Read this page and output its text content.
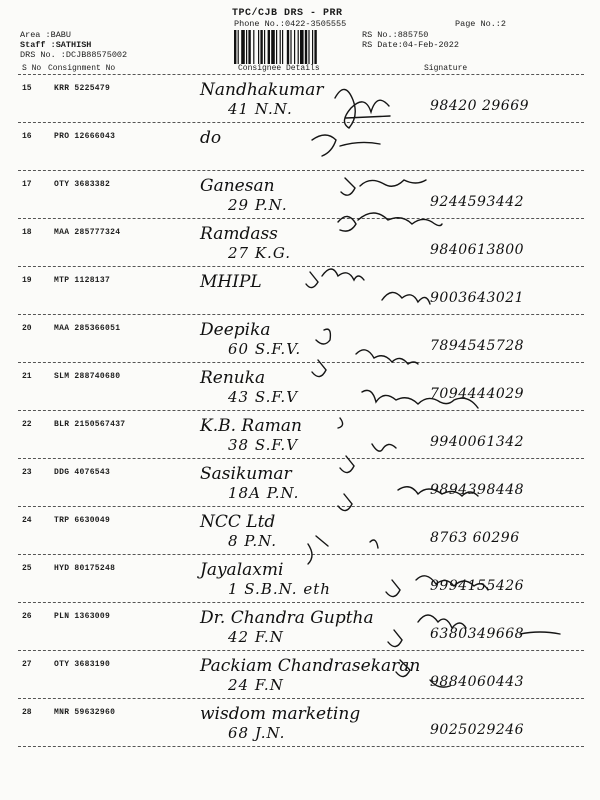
TPC/CJB DRS - PRR
Phone No.:0422-3505555
Area :BABU
Staff :SATHISH
DRS No. :DCJB88575002
RS No.:885750
RS Date:04-Feb-2022
Page No.:2
S No Consignment No	Consignee Details	Signature
15	KRR 5225479	Nandhakumar
41 N.N.	98420 29669
16	PRO 12666043	do
17	OTY 3683382	Ganesan
29 P.N.	9244593442
18	MAA 285777324	Ramdass
27 K.G.	9840613800
19	MTP 1128137	MHIPL
9003643021
20	MAA 285366051	Deepika
60 S.F.V.	7894545728
21	SLM 288740680	Renuka
43 S.F.V	7094444029
22	BLR 2150567437	K.B. Raman
38 S.F.V	9940061342
23	DDG 4076543	Sasikumar
18A P.N.	9894398448
24	TRP 6630049	NCC Ltd
8 P.N.	8763 60296
25	HYD 80175248	Jayalaxmi
1 S.B.N. eth	9994155426
26	PLN 1363009	Dr. Chandra Guptha
42 F.N	6380349668
27	OTY 3683190	Packiam Chandrasekaran
24 F.N	9884060443
28	MNR 59632960	wisdom marketing
68 J.N.	9025029246
